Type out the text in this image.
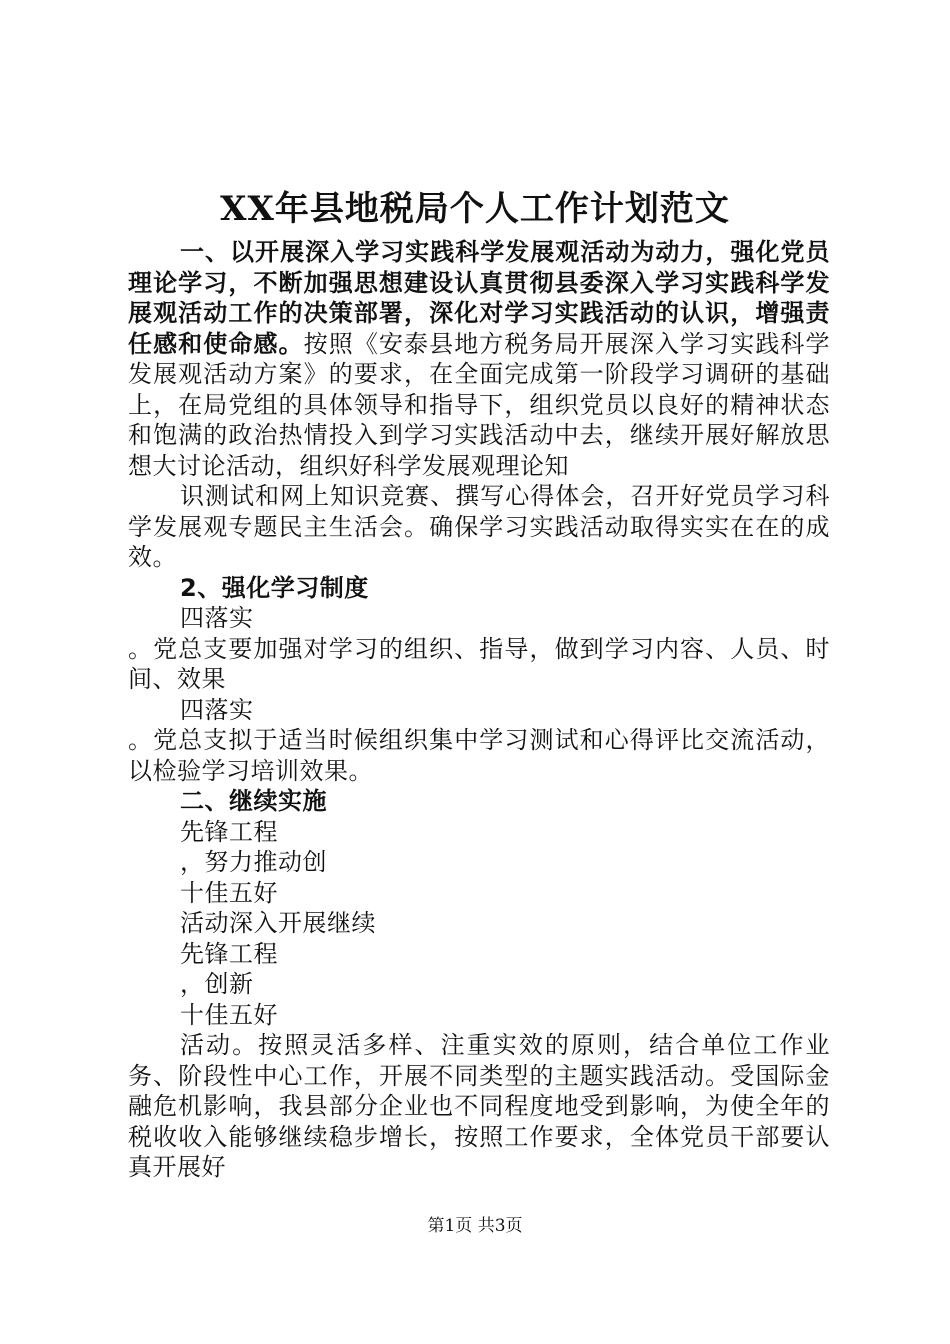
XX年县地税局个人工作计划范文

一、以开展深入学习实践科学发展观活动为动力，强化党员理论学习，不断加强思想建设认真贯彻县委深入学习实践科学发展观活动工作的决策部署，深化对学习实践活动的认识，增强责任感和使命感。按照《安泰县地方税务局开展深入学习实践科学发展观活动方案》的要求，在全面完成第一阶段学习调研的基础上，在局党组的具体领导和指导下，组织党员以良好的精神状态和饱满的政治热情投入到学习实践活动中去，继续开展好解放思想大讨论活动，组织好科学发展观理论知

识测试和网上知识竞赛、撰写心得体会，召开好党员学习科学发展观专题民主生活会。确保学习实践活动取得实实在在的成效。

2、强化学习制度

四落实

。党总支要加强对学习的组织、指导，做到学习内容、人员、时间、效果

四落实

。党总支拟于适当时候组织集中学习测试和心得评比交流活动，以检验学习培训效果。

二、继续实施

先锋工程

，努力推动创

十佳五好

活动深入开展继续

先锋工程

，创新

十佳五好

活动。按照灵活多样、注重实效的原则，结合单位工作业务、阶段性中心工作，开展不同类型的主题实践活动。受国际金融危机影响，我县部分企业也不同程度地受到影响，为使全年的税收收入能够继续稳步增长，按照工作要求，全体党员干部要认真开展好

第1页 共3页
